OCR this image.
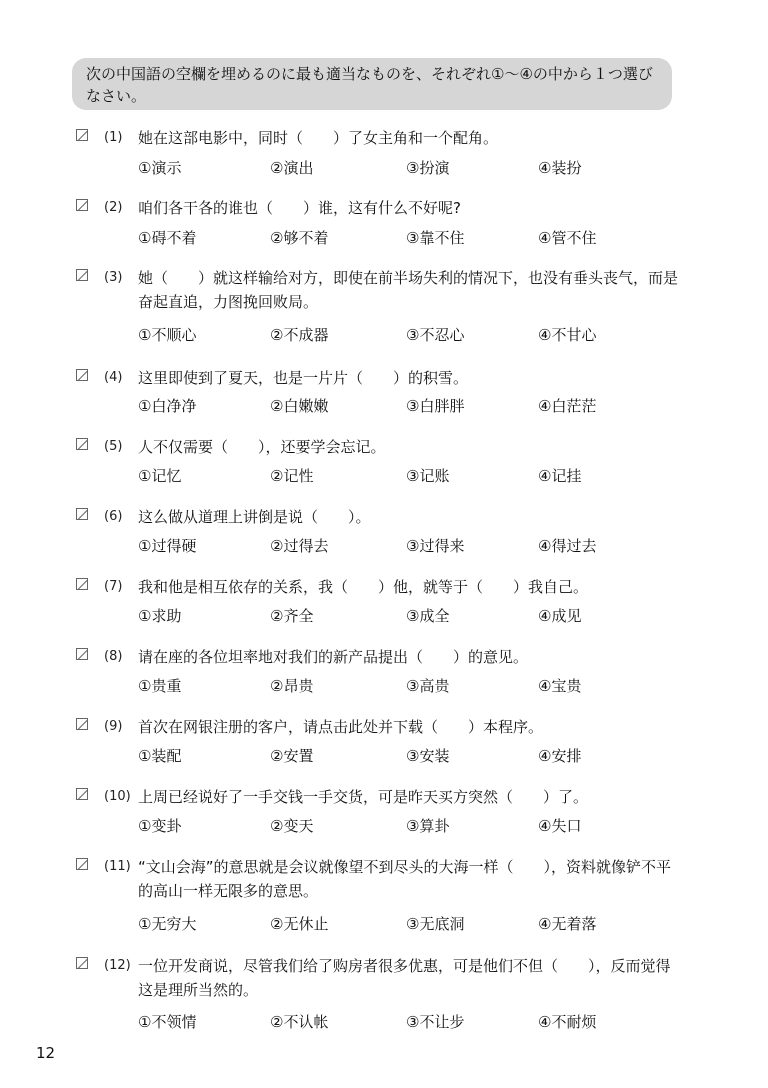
次の中国語の空欄を埋めるのに最も適当なものを、それぞれ①～④の中から１つ選びなさい。
(1) 她在这部电影中，同时（　　）了女主角和一个配角。
①演示	②演出	③扮演	④装扮
(2) 咱们各干各的谁也（　　）谁，这有什么不好呢?
①碍不着	②够不着	③靠不住	④管不住
(3) 她（　　）就这样输给对方，即使在前半场失利的情况下，也没有垂头丧气，而是奋起直追，力图挽回败局。
①不顺心	②不成器	③不忍心	④不甘心
(4) 这里即使到了夏天，也是一片片（　　）的积雪。
①白净净	②白嫩嫩	③白胖胖	④白茫茫
(5) 人不仅需要（　　），还要学会忘记。
①记忆	②记性	③记账	④记挂
(6) 这么做从道理上讲倒是说（　　）。
①过得硬	②过得去	③过得来	④得过去
(7) 我和他是相互依存的关系，我（　　）他，就等于（　　）我自己。
①求助	②齐全	③成全	④成见
(8) 请在座的各位坦率地对我们的新产品提出（　　）的意见。
①贵重	②昂贵	③高贵	④宝贵
(9) 首次在网银注册的客户，请点击此处并下载（　　）本程序。
①装配	②安置	③安装	④安排
(10) 上周已经说好了一手交钱一手交货，可是昨天买方突然（　　）了。
①变卦	②变天	③算卦	④失口
(11) “文山会海”的意思就是会议就像望不到尽头的大海一样（　　），资料就像铲不平的高山一样无限多的意思。
①无穷大	②无休止	③无底洞	④无着落
(12) 一位开发商说，尽管我们给了购房者很多优惠，可是他们不但（　　），反而觉得这是理所当然的。
①不领情	②不认帐	③不让步	④不耐烦
12
